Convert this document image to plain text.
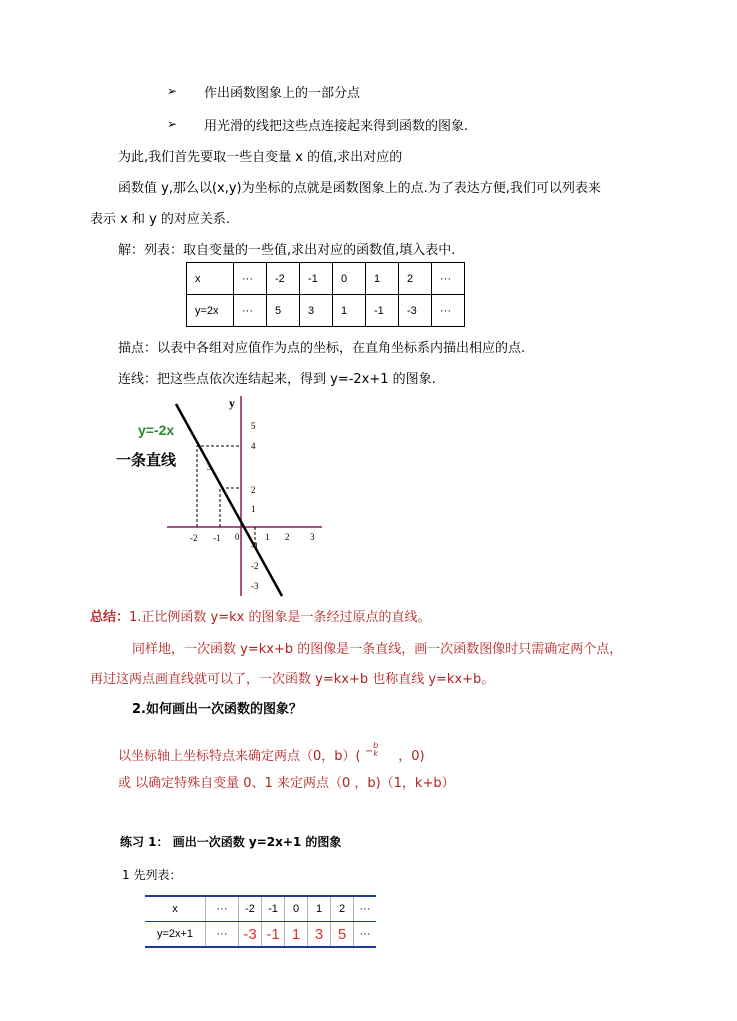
➢ 作出函数图象上的一部分点
➢ 用光滑的线把这些点连接起来得到函数的图象.
为此,我们首先要取一些自变量 x 的值,求出对应的
函数值 y,那么以(x,y)为坐标的点就是函数图象上的点.为了表达方便,我们可以列表来
表示 x 和 y 的对应关系.
解：列表：取自变量的一些值,求出对应的函数值,填入表中.
x	···	-2	-1	0	1	2	···
y=2x	···	5	3	1	-1	-3	···
描点：以表中各组对应值作为点的坐标，在直角坐标系内描出相应的点.
连线：把这些点依次连结起来，得到 y=-2x+1 的图象.
5
4
3
2
1
-1
-2
-3
-2 -1 0	1 2 3
y
y=-2x
一条直线
总结：1.正比例函数 y=kx 的图象是一条经过原点的直线。
同样地，一次函数 y=kx+b 的图像是一条直线，画一次函数图像时只需确定两个点，
再过这两点画直线就可以了，一次函数 y=kx+b 也称直线 y=kx+b。
2.如何画出一次函数的图象？
以坐标轴上坐标特点来确定两点（0，b）( −
b
k ，0)
或 以确定特殊自变量 0、1 来定两点（0 ，b)（1，k+b）
练习 1： 画出一次函数 y=2x+1 的图象
1 先列表：
x	···	-2	-1	0	1	2	···
y=2x+1	···	-3	-1	1	3	5	···
